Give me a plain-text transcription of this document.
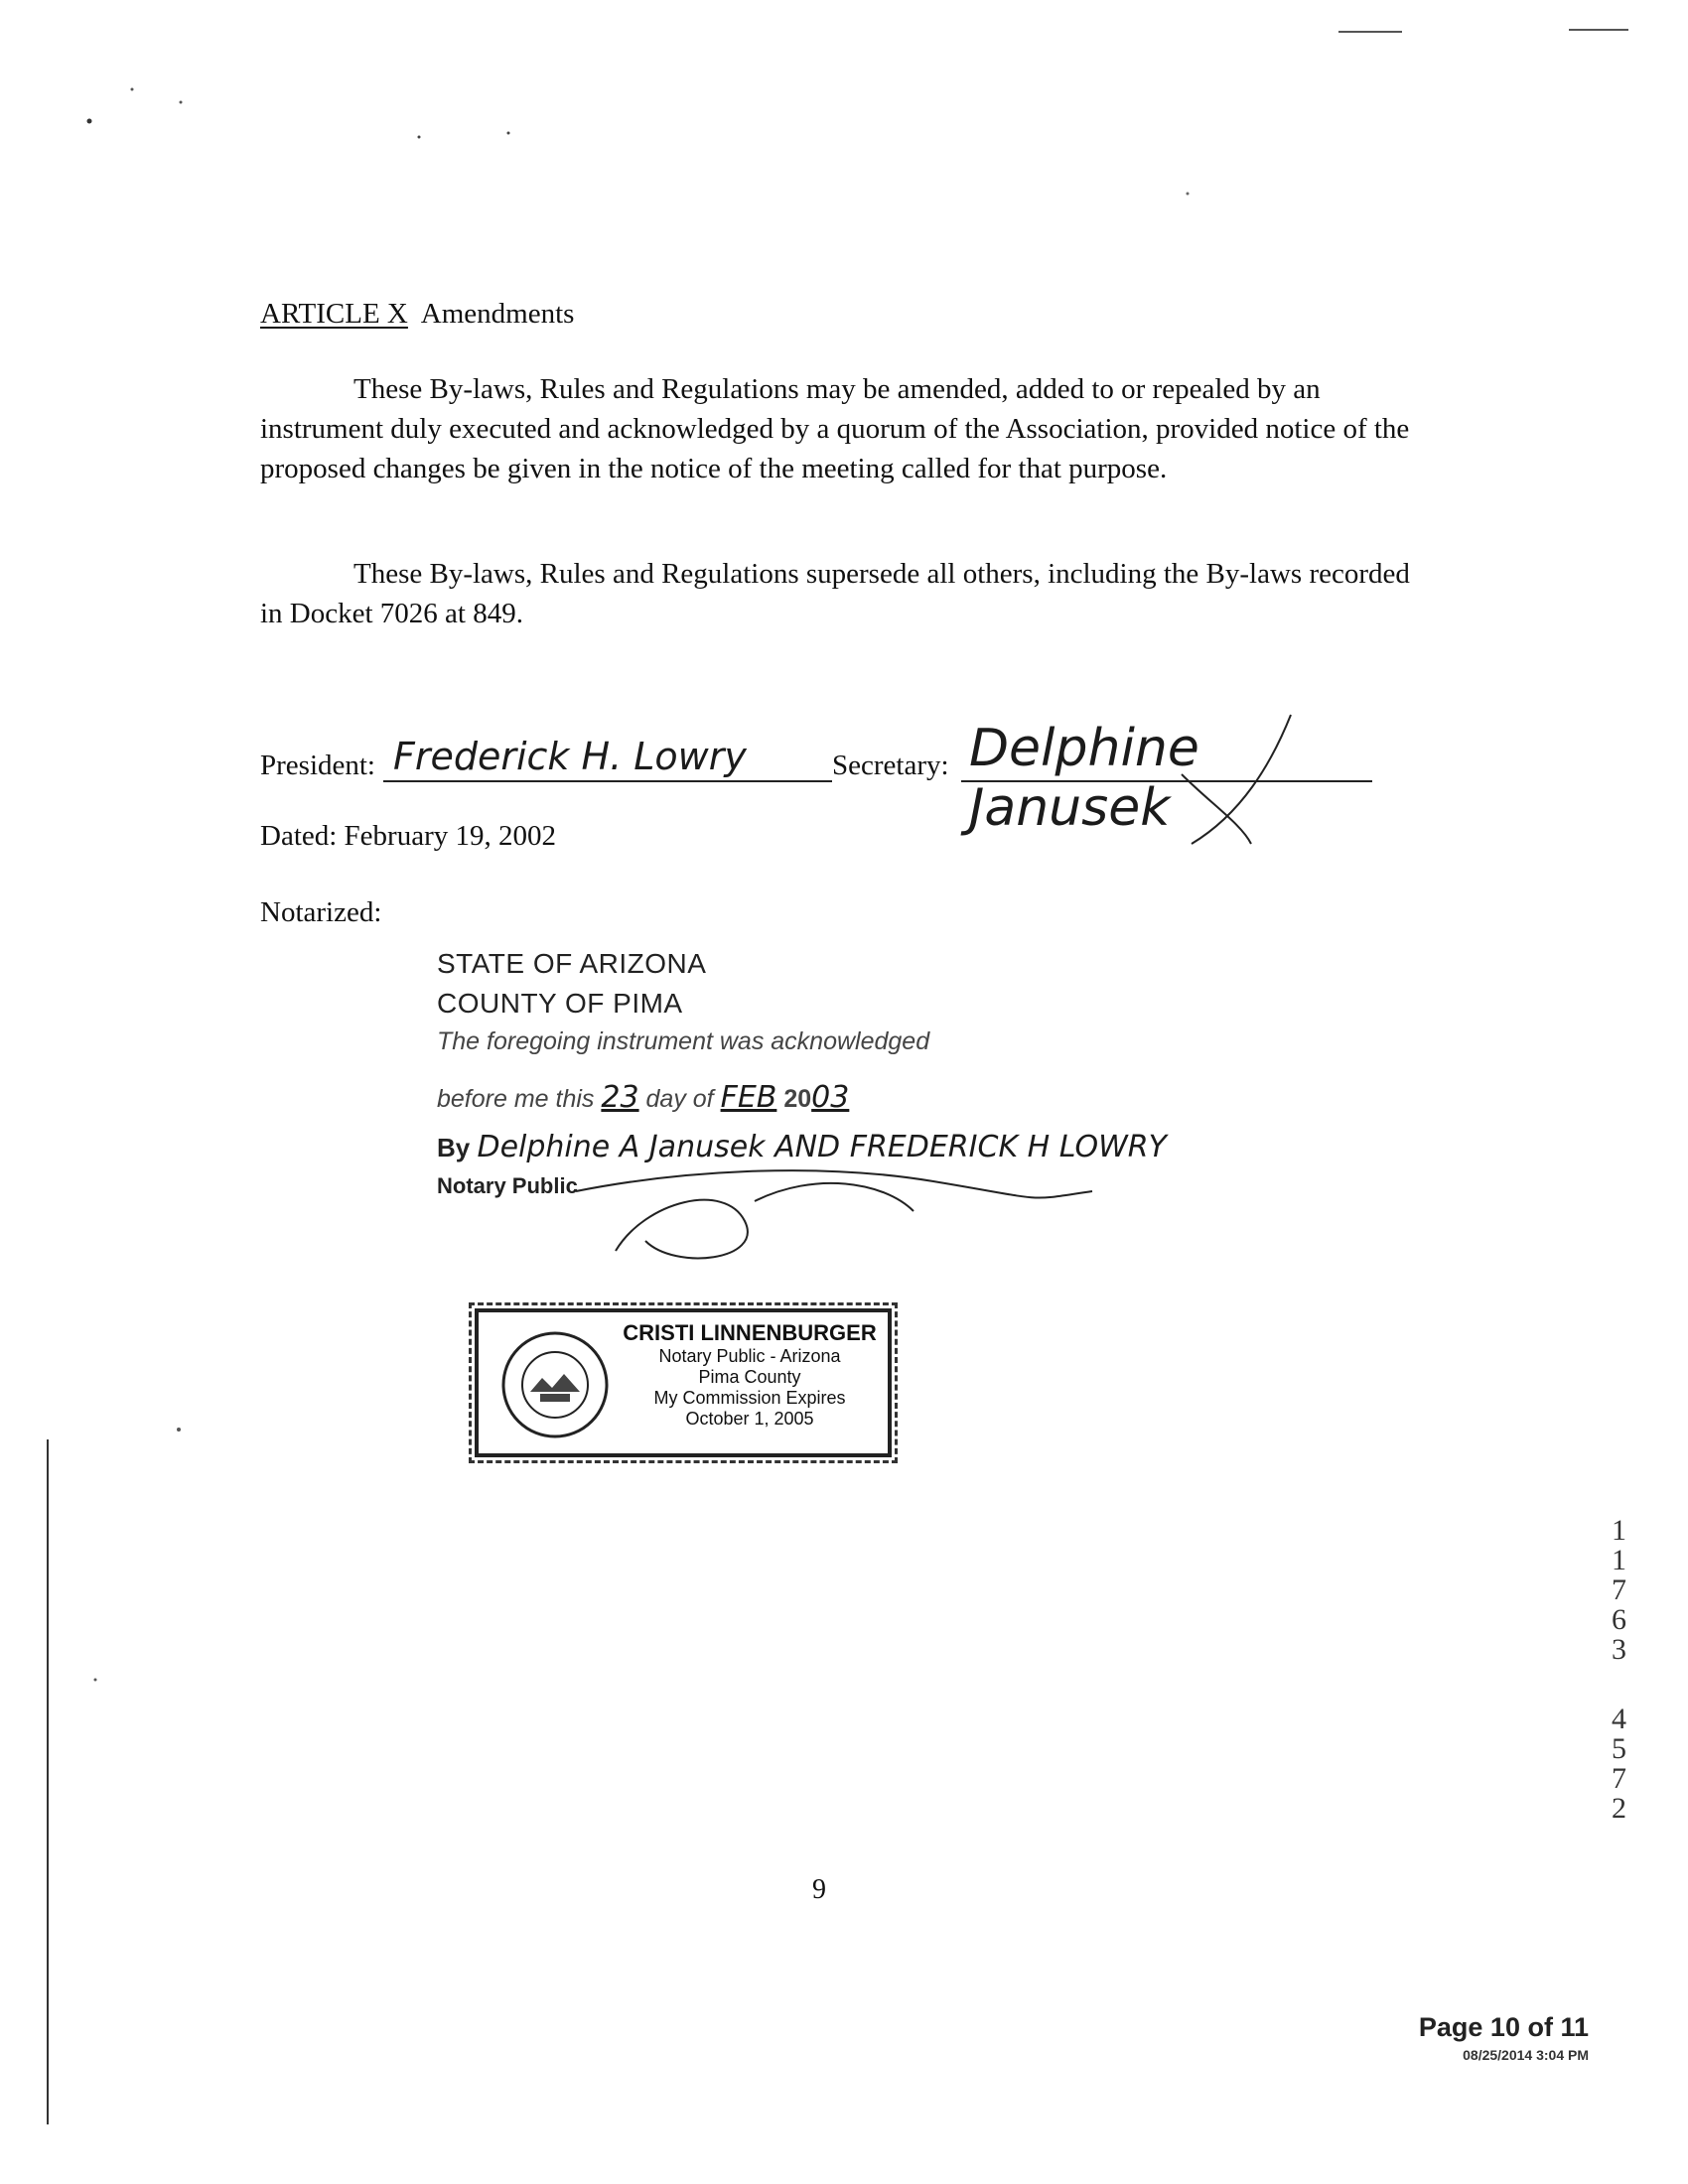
ARTICLE X Amendments
These By-laws, Rules and Regulations may be amended, added to or repealed by an instrument duly executed and acknowledged by a quorum of the Association, provided notice of the proposed changes be given in the notice of the meeting called for that purpose.
These By-laws, Rules and Regulations supersede all others, including the By-laws recorded in Docket 7026 at 849.
President: Frederick H. Lowry	Secretary: Delphine Janusek
Dated: February 19, 2002
Notarized:
STATE OF ARIZONA
COUNTY OF PIMA
The foregoing instrument was acknowledged
before me this 23 day of FEB 2003
By Delphine A Janusek AND FREDERICK H LOWRY
Notary Public
CRISTI LINNENBURGER
Notary Public - Arizona
Pima County
My Commission Expires
October 1, 2005
1
1
7
6
3
4
5
7
2
9
Page 10 of 11
08/25/2014 3:04 PM
